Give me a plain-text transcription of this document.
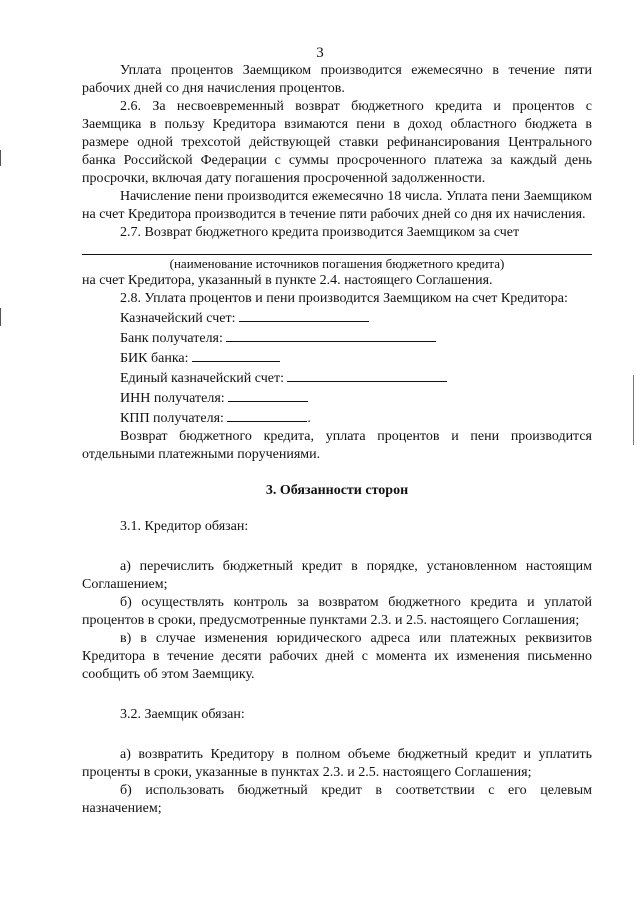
3

Уплата процентов Заемщиком производится ежемесячно в течение пяти рабочих дней со дня начисления процентов.

2.6. За несвоевременный возврат бюджетного кредита и процентов с Заемщика в пользу Кредитора взимаются пени в доход областного бюджета в размере одной трехсотой действующей ставки рефинансирования Центрального банка Российской Федерации с суммы просроченного платежа за каждый день просрочки, включая дату погашения просроченной задолженности.

Начисление пени производится ежемесячно 18 числа. Уплата пени Заемщиком на счет Кредитора производится в течение пяти рабочих дней со дня их начисления.

2.7. Возврат бюджетного кредита производится Заемщиком за счет

(наименование источников погашения бюджетного кредита)

на счет Кредитора, указанный в пункте 2.4. настоящего Соглашения.

2.8. Уплата процентов и пени производится Заемщиком на счет Кредитора:

Казначейский счет:
Банк получателя:
БИК банка:
Единый казначейский счет:
ИНН получателя:
КПП получателя:	.

Возврат бюджетного кредита, уплата процентов и пени производится отдельными платежными поручениями.

3. Обязанности сторон

3.1. Кредитор обязан:

а) перечислить бюджетный кредит в порядке, установленном настоящим Соглашением;

б) осуществлять контроль за возвратом бюджетного кредита и уплатой процентов в сроки, предусмотренные пунктами 2.3. и 2.5. настоящего Соглашения;

в) в случае изменения юридического адреса или платежных реквизитов Кредитора в течение десяти рабочих дней с момента их изменения письменно сообщить об этом Заемщику.

3.2. Заемщик обязан:

а) возвратить Кредитору в полном объеме бюджетный кредит и уплатить проценты в сроки, указанные в пунктах 2.3. и 2.5. настоящего Соглашения;

б) использовать бюджетный кредит в соответствии с его целевым назначением;
